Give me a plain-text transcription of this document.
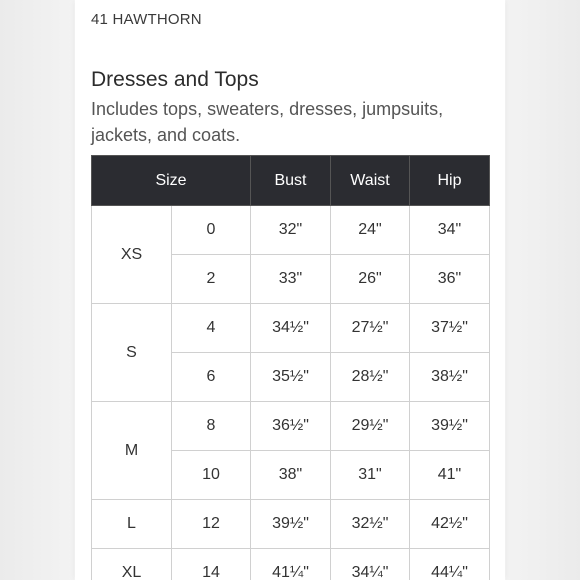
41 HAWTHORN
Dresses and Tops
Includes tops, sweaters, dresses, jumpsuits, jackets, and coats.
Size		Bust	Waist	Hip
XS	0	32"	24"	34"
	2	33"	26"	36"
S	4	34½"	27½"	37½"
	6	35½"	28½"	38½"
M	8	36½"	29½"	39½"
	10	38"	31"	41"
L	12	39½"	32½"	42½"
XL	14	41¼"	34¼"	44¼"
